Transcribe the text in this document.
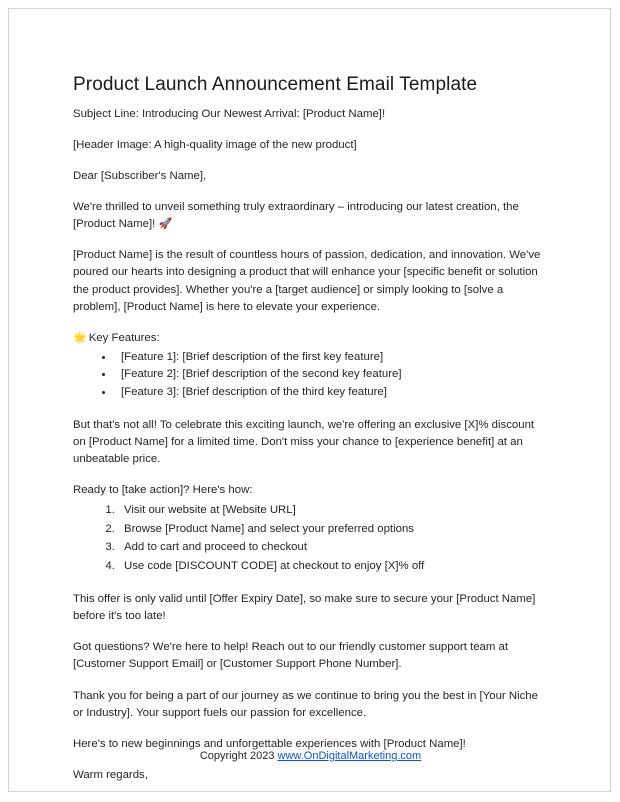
Product Launch Announcement Email Template

Subject Line: Introducing Our Newest Arrival: [Product Name]!

[Header Image: A high-quality image of the new product]

Dear [Subscriber's Name],

We're thrilled to unveil something truly extraordinary – introducing our latest creation, the [Product Name]! 🚀

[Product Name] is the result of countless hours of passion, dedication, and innovation. We've poured our hearts into designing a product that will enhance your [specific benefit or solution the product provides]. Whether you're a [target audience] or simply looking to [solve a problem], [Product Name] is here to elevate your experience.

🌟 Key Features:

• [Feature 1]: [Brief description of the first key feature]
• [Feature 2]: [Brief description of the second key feature]
• [Feature 3]: [Brief description of the third key feature]

But that's not all! To celebrate this exciting launch, we're offering an exclusive [X]% discount on [Product Name] for a limited time. Don't miss your chance to [experience benefit] at an unbeatable price.

Ready to [take action]? Here's how:

1. Visit our website at [Website URL]
2. Browse [Product Name] and select your preferred options
3. Add to cart and proceed to checkout
4. Use code [DISCOUNT CODE] at checkout to enjoy [X]% off

This offer is only valid until [Offer Expiry Date], so make sure to secure your [Product Name] before it's too late!

Got questions? We're here to help! Reach out to our friendly customer support team at [Customer Support Email] or [Customer Support Phone Number].

Thank you for being a part of our journey as we continue to bring you the best in [Your Niche or Industry]. Your support fuels our passion for excellence.

Here's to new beginnings and unforgettable experiences with [Product Name]!

Warm regards,

Copyright 2023 www.OnDigitalMarketing.com
